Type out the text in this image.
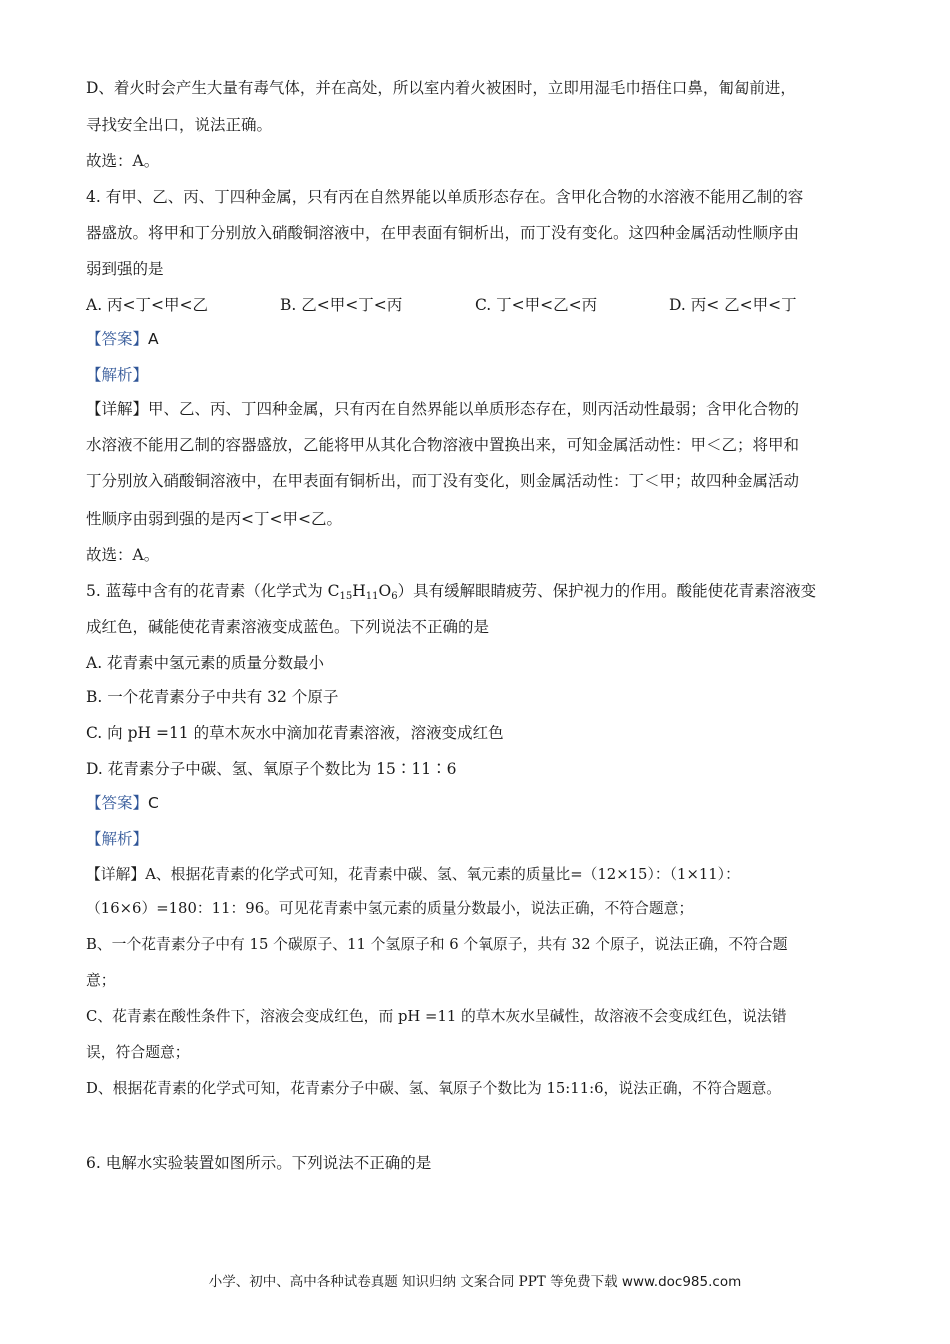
D、着火时会产生大量有毒气体，并在高处，所以室内着火被困时，立即用湿毛巾捂住口鼻，匍匐前进，
寻找安全出口，说法正确。
故选：A。
4. 有甲、乙、丙、丁四种金属，只有丙在自然界能以单质形态存在。含甲化合物的水溶液不能用乙制的容
器盛放。将甲和丁分别放入硝酸铜溶液中，在甲表面有铜析出，而丁没有变化。这四种金属活动性顺序由
弱到强的是
A. 丙<丁<甲<乙	B. 乙<甲<丁<丙	C. 丁<甲<乙<丙	D. 丙< 乙<甲<丁
【答案】A
【解析】
【详解】甲、乙、丙、丁四种金属，只有丙在自然界能以单质形态存在，则丙活动性最弱；含甲化合物的
水溶液不能用乙制的容器盛放，乙能将甲从其化合物溶液中置换出来，可知金属活动性：甲＜乙；将甲和
丁分别放入硝酸铜溶液中，在甲表面有铜析出，而丁没有变化，则金属活动性：丁＜甲；故四种金属活动
性顺序由弱到强的是丙<丁<甲<乙。
故选：A。
5. 蓝莓中含有的花青素（化学式为 $C_{15}H_{11}O_6$）具有缓解眼睛疲劳、保护视力的作用。酸能使花青素溶液变
成红色，碱能使花青素溶液变成蓝色。下列说法不正确的是
A. 花青素中氢元素的质量分数最小
B. 一个花青素分子中共有 32 个原子
C. 向 pH =11 的草木灰水中滴加花青素溶液，溶液变成红色
D. 花青素分子中碳、氢、氧原子个数比为 15∶11∶6
【答案】C
【解析】
【详解】A、根据花青素的化学式可知，花青素中碳、氢、氧元素的质量比=（12×15）：（1×11）：
（16×6）=180：11：96。可见花青素中氢元素的质量分数最小，说法正确，不符合题意；
B、一个花青素分子中有 15 个碳原子、11 个氢原子和 6 个氧原子，共有 32 个原子，说法正确，不符合题
意；
C、花青素在酸性条件下，溶液会变成红色，而 pH =11 的草木灰水呈碱性，故溶液不会变成红色，说法错
误，符合题意；
D、根据花青素的化学式可知，花青素分子中碳、氢、氧原子个数比为 15:11:6，说法正确，不符合题意。
6. 电解水实验装置如图所示。下列说法不正确的是
小学、初中、高中各种试卷真题 知识归纳 文案合同 PPT 等免费下载 www.doc985.com
